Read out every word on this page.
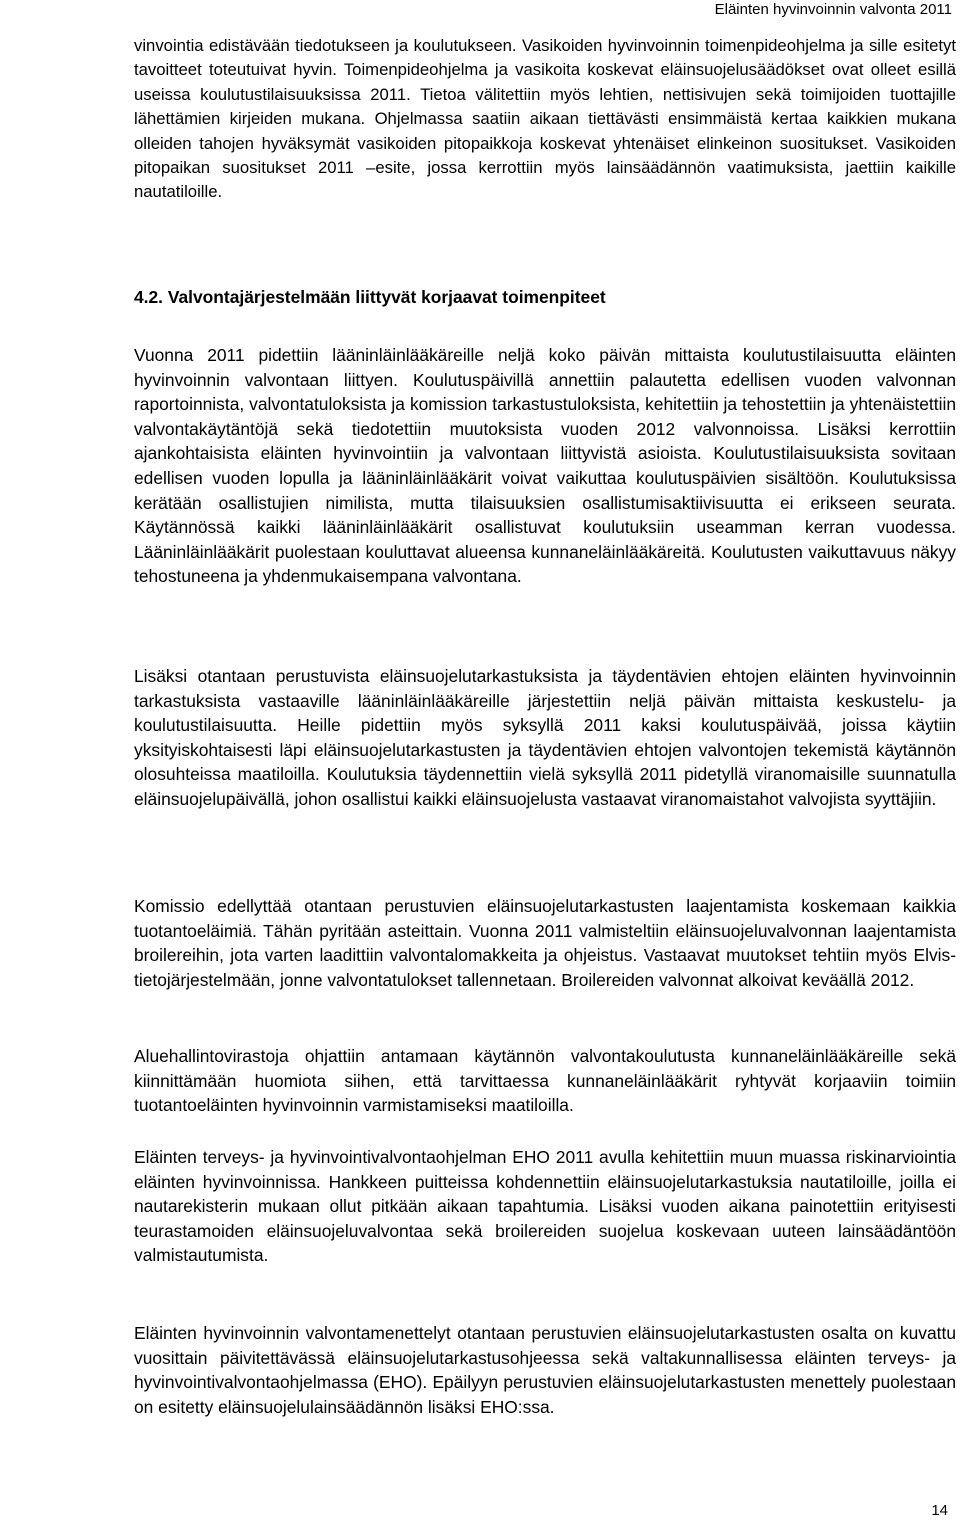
Eläinten hyvinvoinnin valvonta 2011

vinvointia edistävään tiedotukseen ja koulutukseen. Vasikoiden hyvinvoinnin toimenpideohjelma ja sille esitetyt tavoitteet toteutuivat hyvin. Toimenpideohjelma ja vasikoita koskevat eläinsuojelusäädökset ovat olleet esillä useissa koulutustilaisuuksissa 2011. Tietoa välitettiin myös lehtien, nettisivujen sekä toimijoiden tuottajille lähettämien kirjeiden mukana. Ohjelmassa saatiin aikaan tiettävästi ensimmäistä kertaa kaikkien mukana olleiden tahojen hyväksymät vasikoiden pitopaikkoja koskevat yhtenäiset elinkeinon suositukset. Vasikoiden pitopaikan suositukset 2011 –esite, jossa kerrottiin myös lainsäädännön vaatimuksista, jaettiin kaikille nautatiloille.

4.2. Valvontajärjestelmään liittyvät korjaavat toimenpiteet

Vuonna 2011 pidettiin lääninläinlääkäreille neljä koko päivän mittaista koulutustilaisuutta eläinten hyvinvoinnin valvontaan liittyen. Koulutuspäivillä annettiin palautetta edellisen vuoden valvonnan raportoinnista, valvontatuloksista ja komission tarkastustuloksista, kehitettiin ja tehostettiin ja yhtenäistettiin valvontakäytäntöjä sekä tiedotettiin muutoksista vuoden 2012 valvonnoissa. Lisäksi kerrottiin ajankohtaisista eläinten hyvinvointiin ja valvontaan liittyvistä asioista. Koulutustilaisuuksista sovitaan edellisen vuoden lopulla ja lääninläinlääkärit voivat vaikuttaa koulutuspäivien sisältöön. Koulutuksissa kerätään osallistujien nimilista, mutta tilaisuuksien osallistumisaktiivisuutta ei erikseen seurata. Käytännössä kaikki lääninläinlääkärit osallistuvat koulutuksiin useamman kerran vuodessa. Lääninläinlääkärit puolestaan kouluttavat alueensa kunnaneläinlääkäreitä. Koulutusten vaikuttavuus näkyy tehostuneena ja yhdenmukaisempana valvontana.

Lisäksi otantaan perustuvista eläinsuojelutarkastuksista ja täydentävien ehtojen eläinten hyvinvoinnin tarkastuksista vastaaville lääninläinlääkäreille järjestettiin neljä päivän mittaista keskustelu- ja koulutustilaisuutta. Heille pidettiin myös syksyllä 2011 kaksi koulutuspäivää, joissa käytiin yksityiskohtaisesti läpi eläinsuojelutarkastusten ja täydentävien ehtojen valvontojen tekemistä käytännön olosuhteissa maatiloilla. Koulutuksia täydennettiin vielä syksyllä 2011 pidetyllä viranomaisille suunnatulla eläinsuojelupäivällä, johon osallistui kaikki eläinsuojelusta vastaavat viranomaistahot valvojista syyttäjiin.

Komissio edellyttää otantaan perustuvien eläinsuojelutarkastusten laajentamista koskemaan kaikkia tuotantoeläimiä. Tähän pyritään asteittain. Vuonna 2011 valmisteltiin eläinsuojeluvalvonnan laajentamista broilereihin, jota varten laadittiin valvontalomakkeita ja ohjeistus. Vastaavat muutokset tehtiin myös Elvis-tietojärjestelmään, jonne valvontatulokset tallennetaan. Broilereiden valvonnat alkoivat keväällä 2012.

Aluehallintovirastoja ohjattiin antamaan käytännön valvontakoulutusta kunnaneläinlääkäreille sekä kiinnittämään huomiota siihen, että tarvittaessa kunnaneläinlääkärit ryhtyvät korjaaviin toimiin tuotantoeläinten hyvinvoinnin varmistamiseksi maatiloilla.

Eläinten terveys- ja hyvinvointivalvontaohjelman EHO 2011 avulla kehitettiin muun muassa riskinarviointia eläinten hyvinvoinnissa. Hankkeen puitteissa kohdennettiin eläinsuojelutarkastuksia nautatiloille, joilla ei nautarekisterin mukaan ollut pitkään aikaan tapahtumia. Lisäksi vuoden aikana painotettiin erityisesti teurastamoiden eläinsuojeluvalvontaa sekä broilereiden suojelua koskevaan uuteen lainsäädäntöön valmistautumista.

Eläinten hyvinvoinnin valvontamenettelyt otantaan perustuvien eläinsuojelutarkastusten osalta on kuvattu vuosittain päivitettävässä eläinsuojelutarkastusohjeessa sekä valtakunnallisessa eläinten terveys- ja hyvinvointivalvontaohjelmassa (EHO). Epäilyyn perustuvien eläinsuojelutarkastusten menettely puolestaan on esitetty eläinsuojelulainsäädännön lisäksi EHO:ssa.

14
